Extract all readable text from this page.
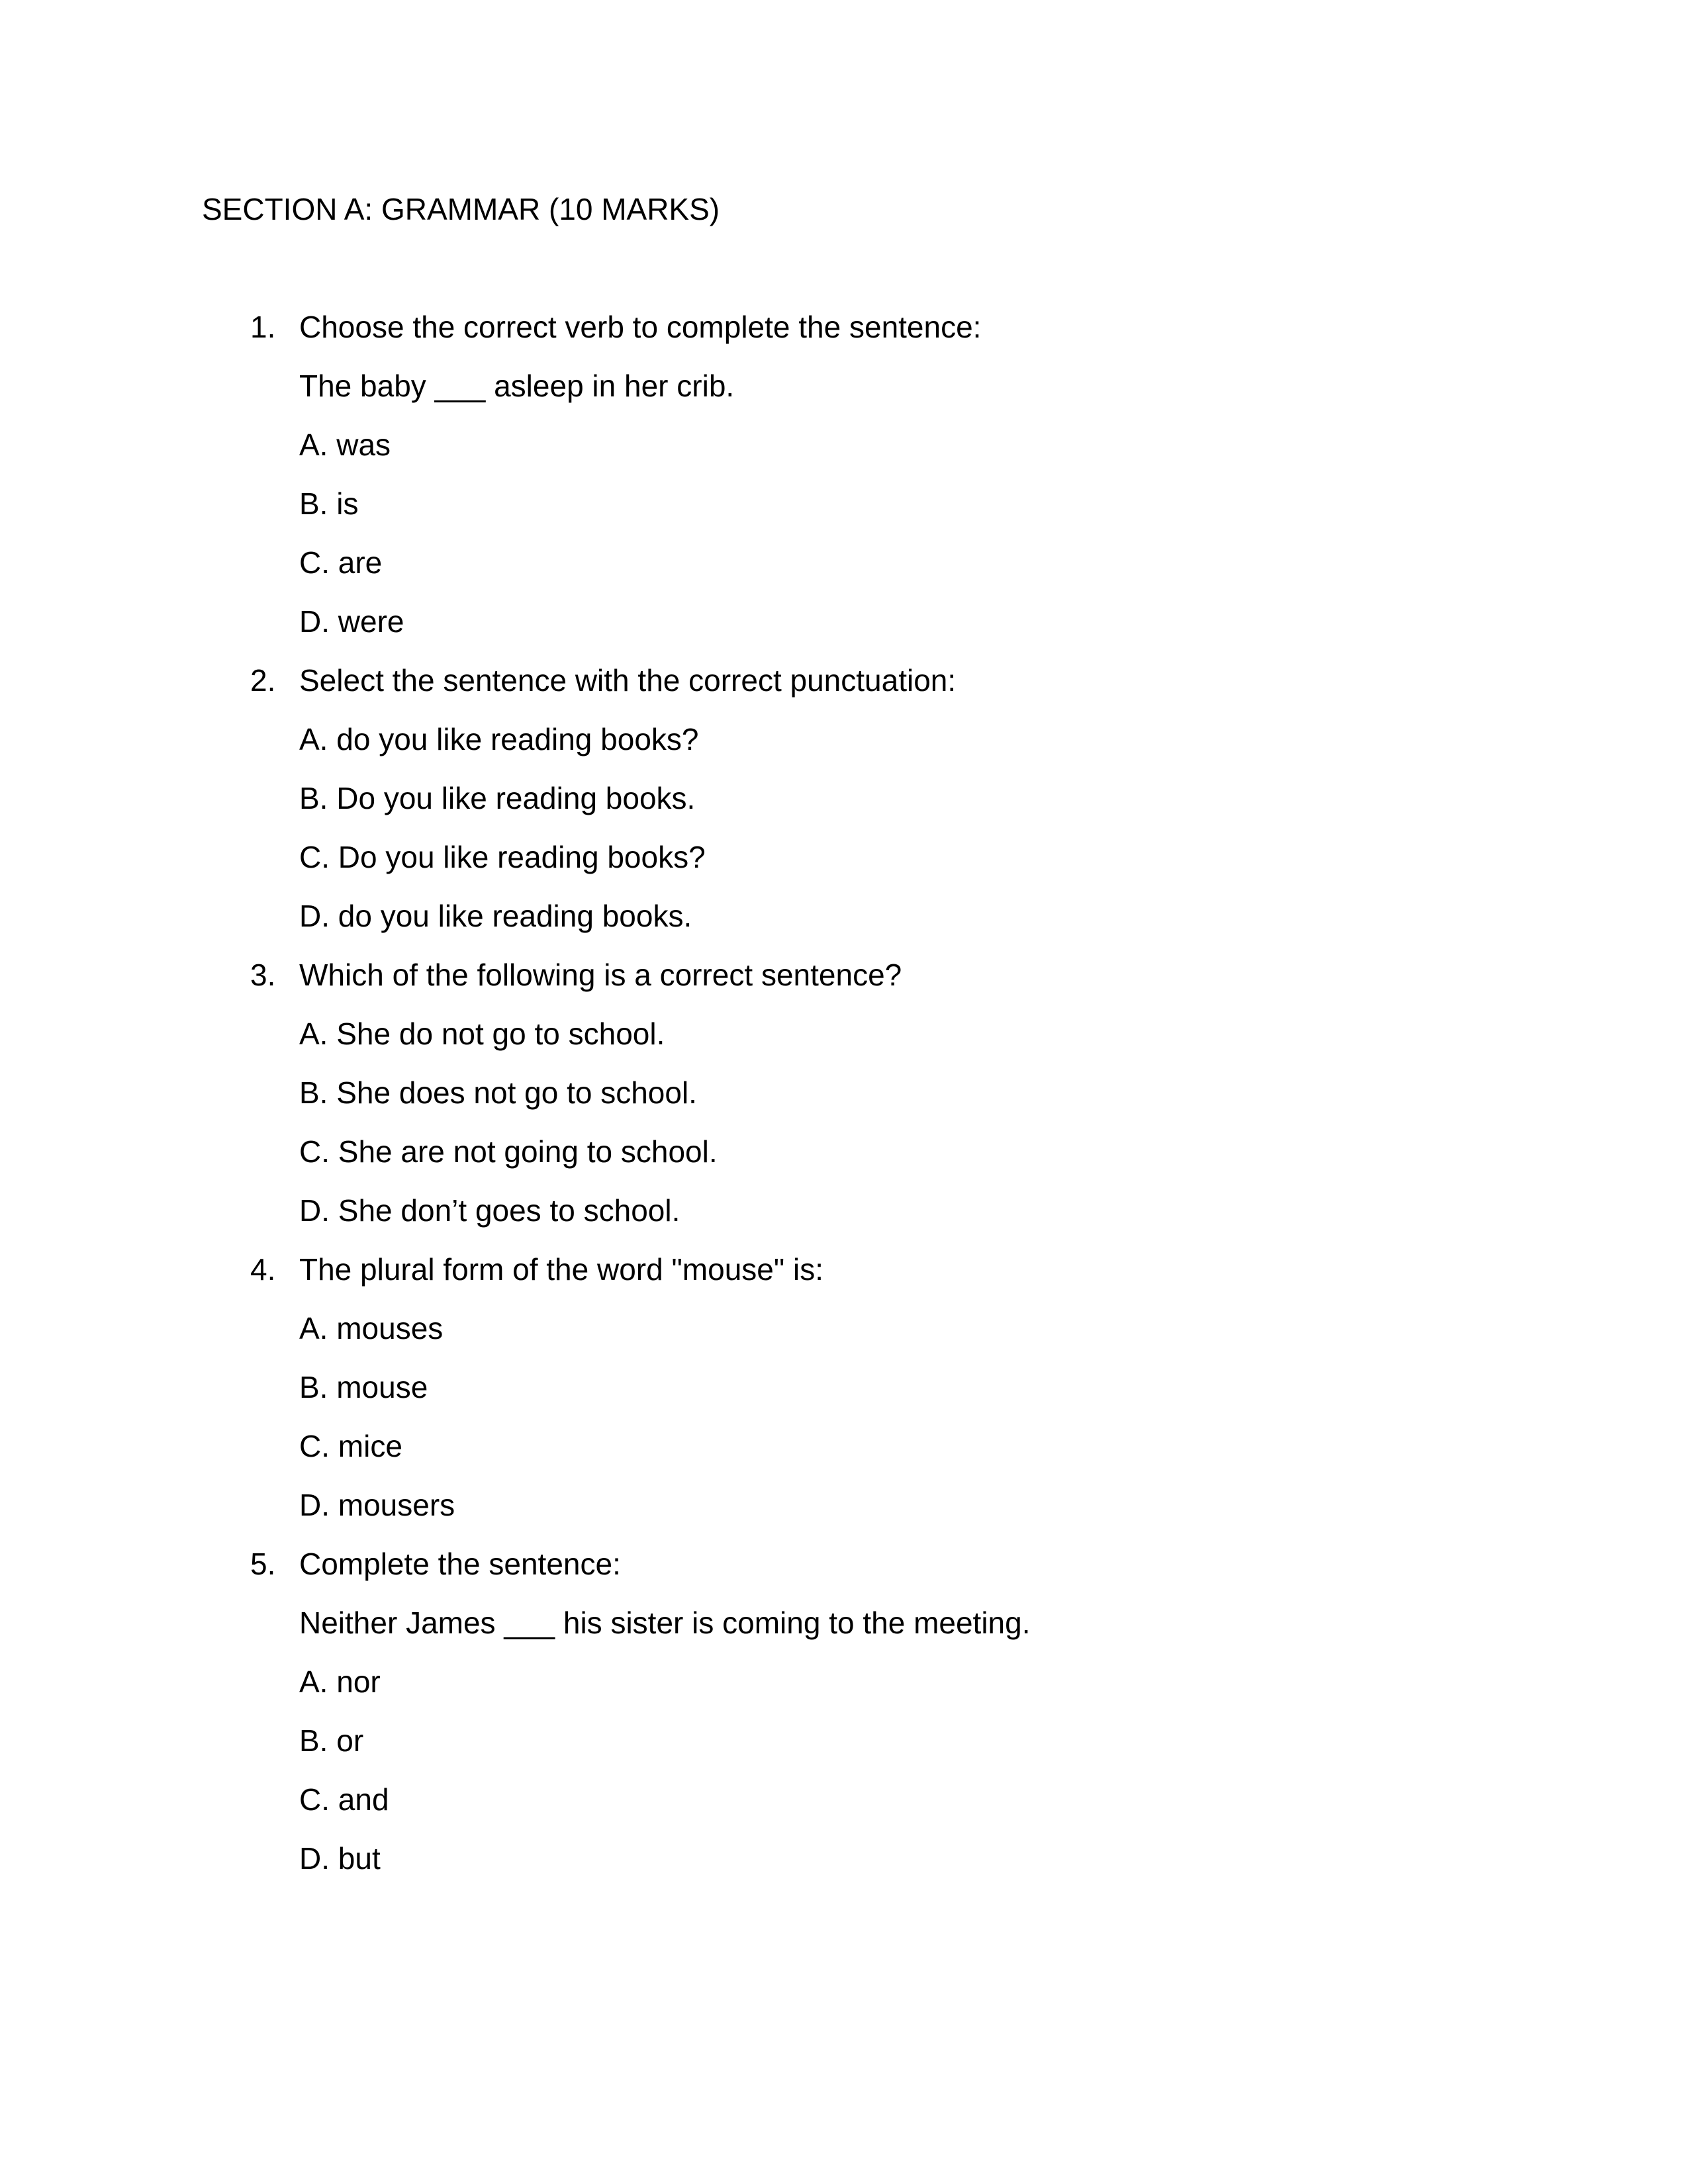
SECTION A: GRAMMAR (10 MARKS)
1. Choose the correct verb to complete the sentence:
The baby ___ asleep in her crib.
A. was
B. is
C. are
D. were
2. Select the sentence with the correct punctuation:
A. do you like reading books?
B. Do you like reading books.
C. Do you like reading books?
D. do you like reading books.
3. Which of the following is a correct sentence?
A. She do not go to school.
B. She does not go to school.
C. She are not going to school.
D. She don’t goes to school.
4. The plural form of the word "mouse" is:
A. mouses
B. mouse
C. mice
D. mousers
5. Complete the sentence:
Neither James ___ his sister is coming to the meeting.
A. nor
B. or
C. and
D. but
